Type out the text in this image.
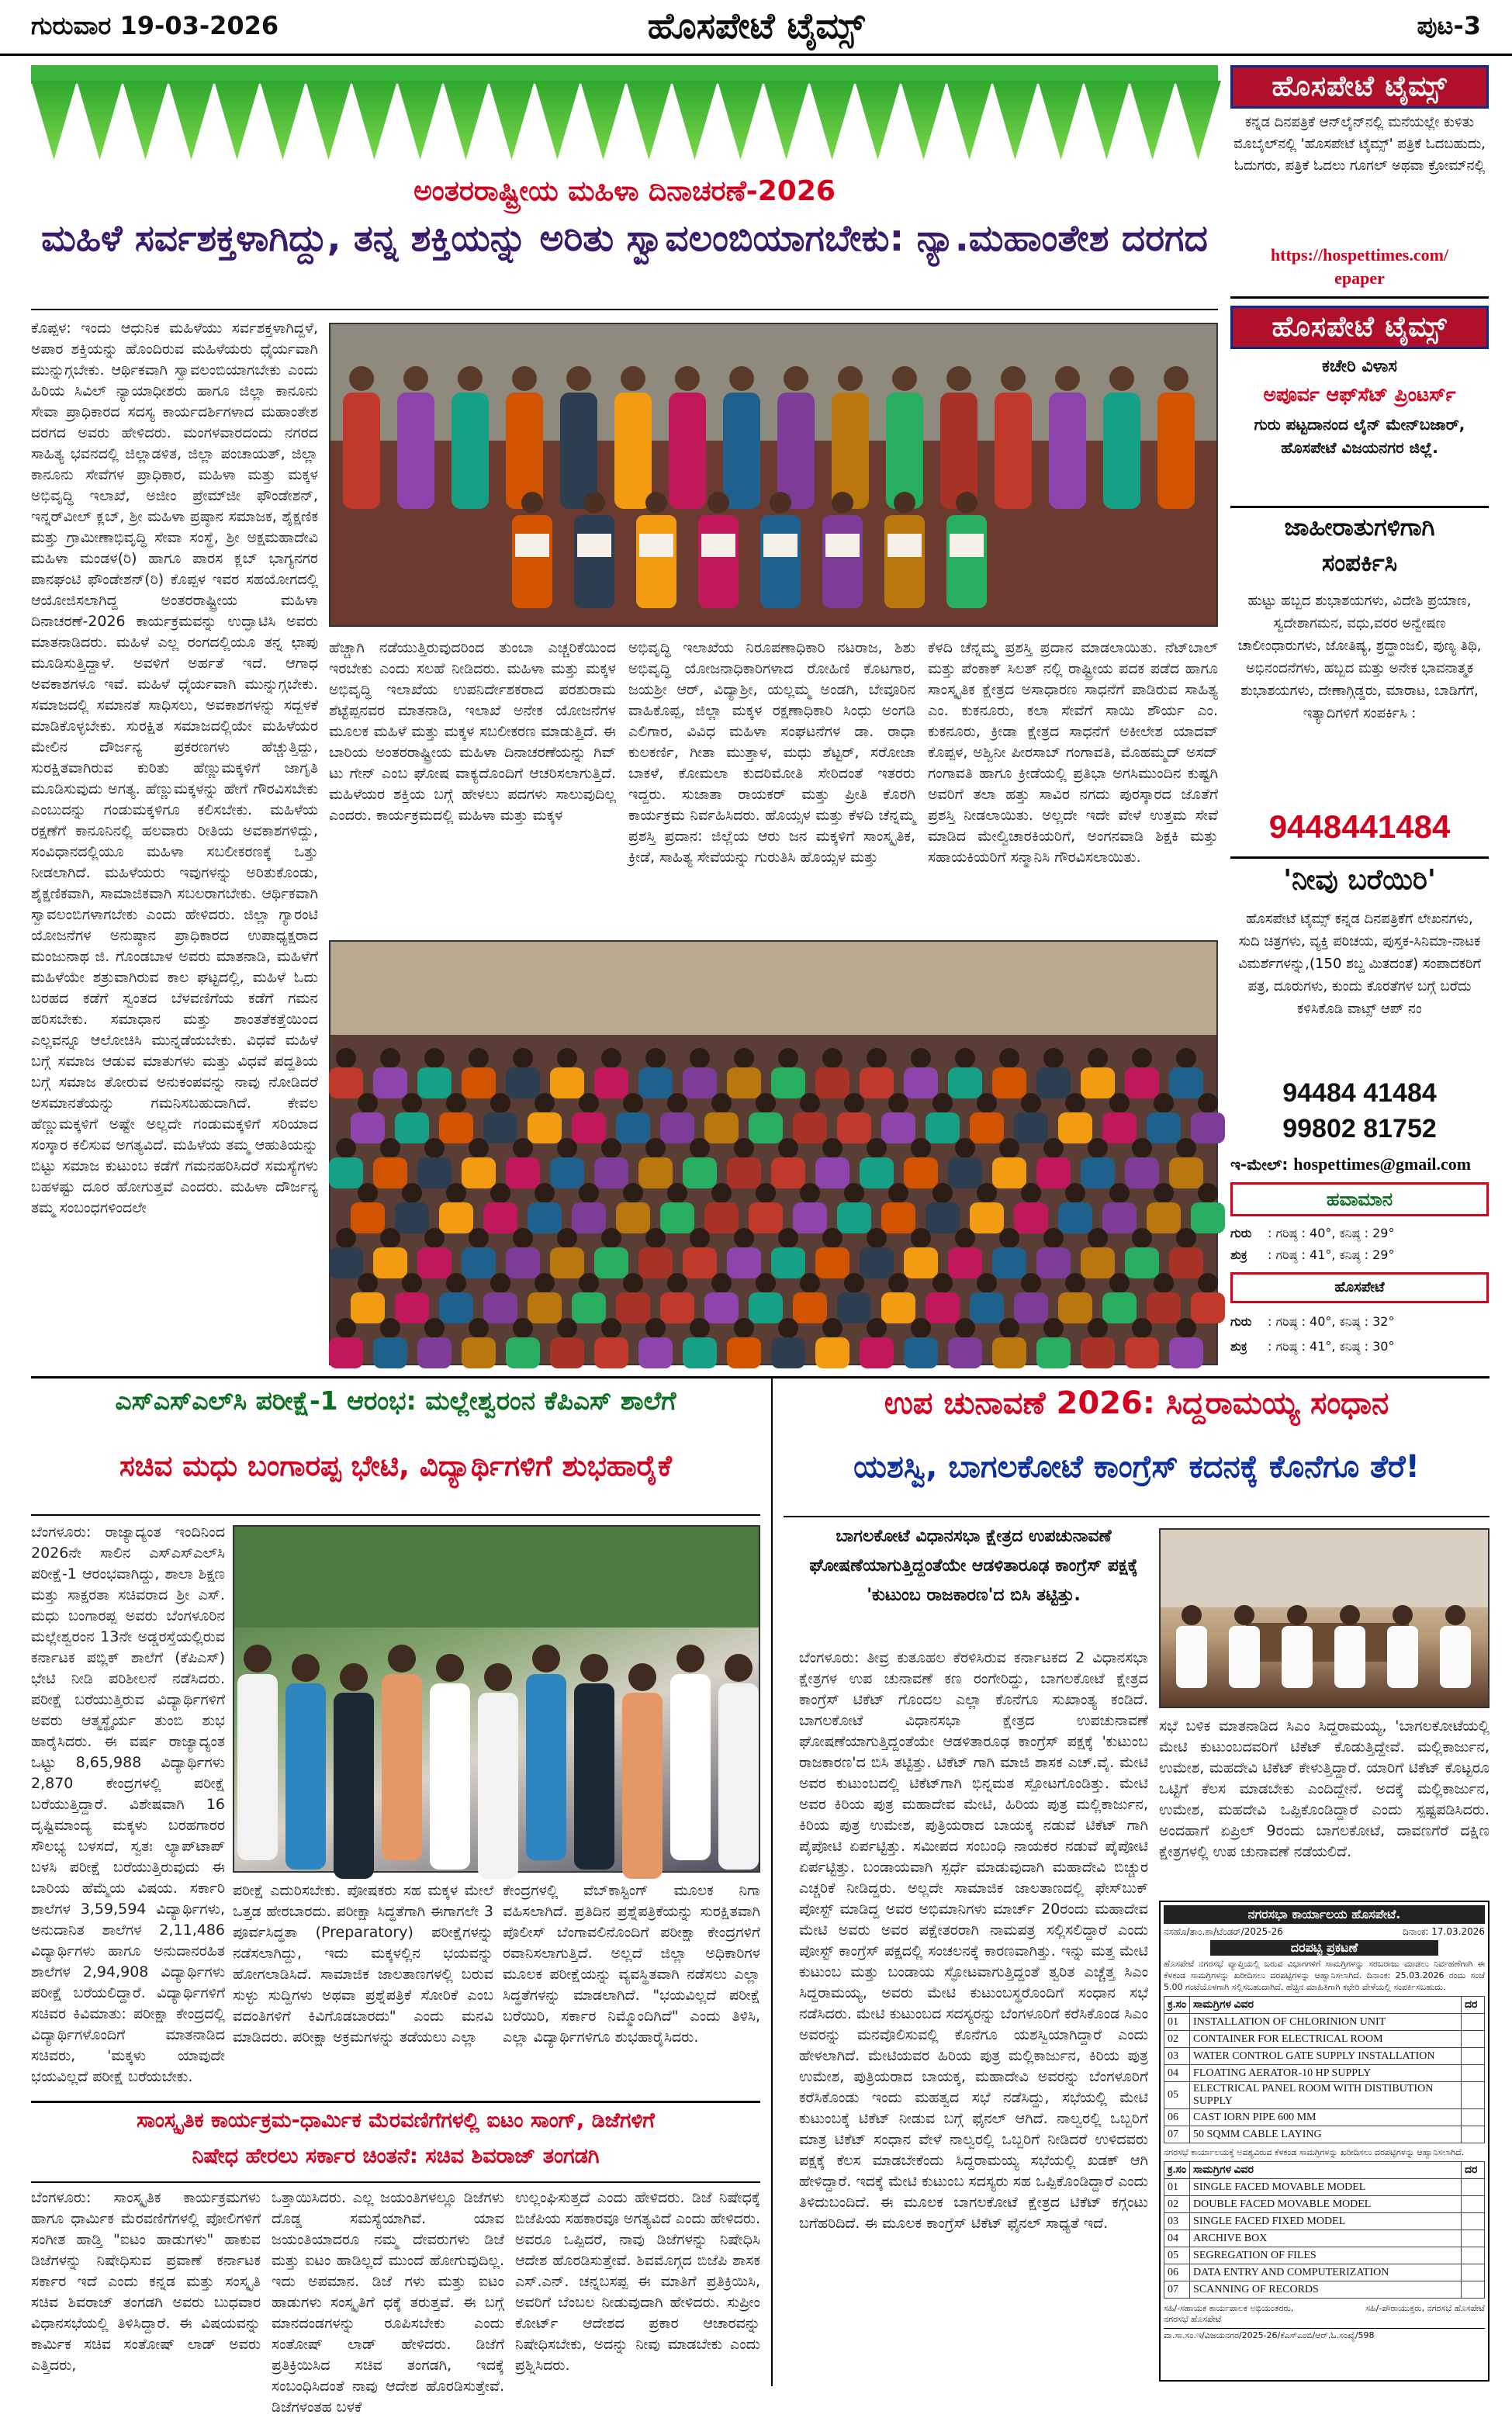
ಗುರುವಾರ 19-03-2026	ಹೊಸಪೇಟೆ ಟೈಮ್ಸ್	ಪುಟ-3
ಅಂತರರಾಷ್ಟ್ರೀಯ ಮಹಿಳಾ ದಿನಾಚರಣೆ-2026
ಮಹಿಳೆ ಸರ್ವಶಕ್ತಳಾಗಿದ್ದು, ತನ್ನ ಶಕ್ತಿಯನ್ನು ಅರಿತು ಸ್ವಾವಲಂಬಿಯಾಗಬೇಕು: ನ್ಯಾ.ಮಹಾಂತೇಶ ದರಗದ
ಕೊಪ್ಪಳ: ಇಂದು ಆಧುನಿಕ ಮಹಿಳೆಯು ಸರ್ವಶಕ್ತಳಾಗಿದ್ದಳೆ, ಅಪಾರ ಶಕ್ತಿಯನ್ನು ಹೊಂದಿರುವ ಮಹಿಳೆಯರು ಧೈರ್ಯವಾಗಿ ಮುನ್ನುಗ್ಗಬೇಕು. ಆರ್ಥಿಕವಾಗಿ ಸ್ವಾವಲಂಬಿಯಾಗಬೇಕು ಎಂದು ಹಿರಿಯ ಸಿವಿಲ್ ನ್ಯಾಯಾಧೀಶರು ಹಾಗೂ ಜಿಲ್ಲಾ ಕಾನೂನು ಸೇವಾ ಪ್ರಾಧಿಕಾರದ ಸದಸ್ಯ ಕಾರ್ಯದರ್ಶಿಗಳಾದ ಮಹಾಂತೇಶ ದರಗದ ಅವರು ಹೇಳಿದರು. ಮಂಗಳವಾರದಂದು ನಗರದ ಸಾಹಿತ್ಯ ಭವನದಲ್ಲಿ ಜಿಲ್ಲಾಡಳಿತ, ಜಿಲ್ಲಾ ಪಂಚಾಯತ್, ಜಿಲ್ಲಾ ಕಾನೂನು ಸೇವೆಗಳ ಪ್ರಾಧಿಕಾರ, ಮಹಿಳಾ ಮತ್ತು ಮಕ್ಕಳ ಅಭಿವೃದ್ಧಿ ಇಲಾಖೆ, ಅಜೀಂ ಪ್ರೇಮ್‌ಜೀ ಫೌಂಡೇಶನ್, ಇನ್ನರ್‌ವೀಲ್ ಕ್ಲಬ್, ಶ್ರೀ ಮಹಿಳಾ ಪ್ರಷ್ಠಾನ ಸಮಾಜಕ, ಶೈಕ್ಷಣಿಕ ಮತ್ತು ಗ್ರಾಮೀಣಾಭಿವೃದ್ಧಿ ಸೇವಾ ಸಂಸ್ಥೆ, ಶ್ರೀ ಅಕ್ಷಮಹಾದೇವಿ ಮಹಿಳಾ ಮಂಡಳ(ರಿ) ಹಾಗೂ ಪಾರಸ ಕ್ಲಬ್ ಭಾಗ್ಯನಗರ ಪಾನಘಂಟಿ ಫೌಂಡೇಶನ್(ರಿ) ಕೊಪ್ಪಳ ಇವರ ಸಹಯೋಗದಲ್ಲಿ ಆಯೋಜಿಸಲಾಗಿದ್ದ ಅಂತರರಾಷ್ಟ್ರೀಯ ಮಹಿಳಾ ದಿನಾಚರಣೆ-2026 ಕಾರ್ಯಕ್ರಮವನ್ನು ಉದ್ಘಾಟಿಸಿ ಅವರು ಮಾತನಾಡಿದರು. ಮಹಿಳೆ ಎಲ್ಲ ರಂಗದಲ್ಲಿಯೂ ತನ್ನ ಛಾಪು ಮೂಡಿಸುತ್ತಿದ್ದಾಳೆ. ಅವಳಿಗೆ ಅರ್ಹತೆ ಇದೆ. ಆಗಾಧ ಅವಕಾಶಗಳೂ ಇವೆ. ಮಹಿಳೆ ಧೈರ್ಯವಾಗಿ ಮುನ್ನುಗ್ಗಬೇಕು. ಸಮಾಜದಲ್ಲಿ ಸಮಾನತೆ ಸಾಧಿಸಲು, ಅವಕಾಶಗಳನ್ನು ಸದ್ಬಳಕೆ ಮಾಡಿಕೊಳ್ಳಬೇಕು. ಸುರಕ್ಷಿತ ಸಮಾಜದಲ್ಲಿಯೇ ಮಹಿಳೆಯರ ಮೇಲಿನ ದೌರ್ಜನ್ಯ ಪ್ರಕರಣಗಳು ಹೆಚ್ಚುತ್ತಿದ್ದು, ಸುರಕ್ಷಿತವಾಗಿರುವ ಕುರಿತು ಹೆಣ್ಣುಮಕ್ಕಳಿಗೆ ಜಾಗೃತಿ ಮೂಡಿಸುವುದು ಅಗತ್ಯ. ಹೆಣ್ಣುಮಕ್ಕಳನ್ನು ಹೇಗೆ ಗೌರವಿಸಬೇಕು ಎಂಬುದನ್ನು ಗಂಡುಮಕ್ಕಳಿಗೂ ಕಲಿಸಬೇಕು. ಮಹಿಳೆಯ ರಕ್ಷಣೆಗೆ ಕಾನೂನಿನಲ್ಲಿ ಹಲವಾರು ರೀತಿಯ ಅವಕಾಶಗಳಿದ್ದು, ಸಂವಿಧಾನದಲ್ಲಿಯೂ ಮಹಿಳಾ ಸಬಲೀಕರಣಕ್ಕೆ ಒತ್ತು ನೀಡಲಾಗಿದೆ. ಮಹಿಳೆಯರು ಇವುಗಳನ್ನು ಅರಿತುಕೊಂಡು, ಶೈಕ್ಷಣಿಕವಾಗಿ, ಸಾಮಾಜಿಕವಾಗಿ ಸಬಲರಾಗಬೇಕು. ಆರ್ಥಿಕವಾಗಿ ಸ್ವಾವಲಂಬಿಗಳಾಗಬೇಕು ಎಂದು ಹೇಳಿದರು. ಜಿಲ್ಲಾ ಗ್ಯಾರಂಟಿ ಯೋಜನೆಗಳ ಅನುಷ್ಠಾನ ಪ್ರಾಧಿಕಾರದ ಉಪಾಧ್ಯಕ್ಷರಾದ ಮಂಜುನಾಥ ಜಿ. ಗೊಂಡಬಾಳ ಅವರು ಮಾತನಾಡಿ, ಮಹಿಳೆಗೆ ಮಹಿಳೆಯೇ ಶತ್ರುವಾಗಿರುವ ಕಾಲ ಘಟ್ಟದಲ್ಲಿ, ಮಹಿಳೆ ಓದು ಬರಹದ ಕಡೆಗೆ ಸ್ವಂತದ ಬೆಳವಣಿಗೆಯ ಕಡೆಗೆ ಗಮನ ಹರಿಸಬೇಕು. ಸಮಾಧಾನ ಮತ್ತು ಶಾಂತತೆಕತ್ತೆಯಿಂದ ಎಲ್ಲವನ್ನೂ ಆಲೋಚಿಸಿ ಮುನ್ನಡೆಯಬೇಕು. ವಿಧವೆ ಮಹಿಳೆ ಬಗ್ಗೆ ಸಮಾಜ ಆಡುವ ಮಾತುಗಳು ಮತ್ತು ವಿಧವೆ ಪದ್ದತಿಯ ಬಗ್ಗೆ ಸಮಾಜ ತೋರುವ ಅನುಕಂಪವನ್ನು ನಾವು ನೋಡಿದರೆ ಅಸಮಾನತೆಯನ್ನು ಗಮನಿಸಬಹುದಾಗಿದೆ. ಕೇವಲ ಹೆಣ್ಣುಮಕ್ಕಳಿಗೆ ಅಷ್ಟೇ ಅಲ್ಲದೇ ಗಂಡುಮಕ್ಕಳಿಗೆ ಸರಿಯಾದ ಸಂಸ್ಕಾರ ಕಲಿಸುವ ಅಗತ್ಯವಿದೆ. ಮಹಿಳೆಯ ತಮ್ಮ ಆಹುತಿಯನ್ನು ಬಿಟ್ಟು ಸಮಾಜ ಕುಟುಂಬ ಕಡೆಗೆ ಗಮನಹರಿಸಿದರೆ ಸಮಸ್ಯೆಗಳು ಬಹಳಷ್ಟು ದೂರ ಹೋಗುತ್ತವೆ ಎಂದರು. ಮಹಿಳಾ ದೌರ್ಜನ್ಯ ತಮ್ಮ ಸಂಬಂಧಗಳಿಂದಲೇ
ಹೆಚ್ಚಾಗಿ ನಡೆಯುತ್ತಿರುವುದರಿಂದ ತುಂಬಾ ಎಚ್ಚರಿಕೆಯಿಂದ ಇರಬೇಕು ಎಂದು ಸಲಹೆ ನೀಡಿದರು. ಮಹಿಳಾ ಮತ್ತು ಮಕ್ಕಳ ಅಭಿವೃದ್ಧಿ ಇಲಾಖೆಯ ಉಪನಿರ್ದೇಶಕರಾದ ಪರಶುರಾಮ ಶೆಟ್ಟೆಪ್ಪನವರ ಮಾತನಾಡಿ, ಇಲಾಖೆ ಅನೇಕ ಯೋಜನೆಗಳ ಮೂಲಕ ಮಹಿಳೆ ಮತ್ತು ಮಕ್ಕಳ ಸಬಲೀಕರಣ ಮಾಡುತ್ತಿದೆ. ಈ ಬಾರಿಯ ಅಂತರರಾಷ್ಟ್ರೀಯ ಮಹಿಳಾ ದಿನಾಚರಣೆಯನ್ನು ಗಿವ್ ಟು ಗೇನ್ ಎಂಬ ಘೋಷ ವಾಕ್ಯದೊಂದಿಗೆ ಆಚರಿಸಲಾಗುತ್ತಿದೆ. ಮಹಿಳೆಯರ ಶಕ್ತಿಯ ಬಗ್ಗೆ ಹೇಳಲು ಪದಗಳು ಸಾಲುವುದಿಲ್ಲ ಎಂದರು. ಕಾರ್ಯಕ್ರಮದಲ್ಲಿ ಮಹಿಳಾ ಮತ್ತು ಮಕ್ಕಳ
ಅಭಿವೃದ್ಧಿ ಇಲಾಖೆಯ ನಿರೂಪಣಾಧಿಕಾರಿ ನಟರಾಜ, ಶಿಶು ಅಭಿವೃದ್ಧಿ ಯೋಜನಾಧಿಕಾರಿಗಳಾದ ರೋಹಿಣಿ ಕೊಟಗಾರ, ಜಯಶ್ರೀ ಆರ್, ವಿದ್ಯಾಶ್ರೀ, ಯಲ್ಲಮ್ಮ ಅಂಡಗಿ, ಬೇವೂರಿನ ವಾಹಿಕೊಪ್ಪ, ಜಿಲ್ಲಾ ಮಕ್ಕಳ ರಕ್ಷಣಾಧಿಕಾರಿ ಸಿಂಧು ಅಂಗಡಿ ಎಲಿಗಾರ, ವಿವಿಧ ಮಹಿಳಾ ಸಂಘಟನೆಗಳ ಡಾ. ರಾಧಾ ಕುಲಕರ್ಣಿ, ಗೀತಾ ಮುತ್ತಾಳ, ಮಧು ಶೆಟ್ಟರ್, ಸರೋಜಾ ಬಾಕಳೆ, ಕೋಮಲಾ ಕುದರಿಮೋತಿ ಸೇರಿದಂತೆ ಇತರರು ಇದ್ದರು. ಸುಜಾತಾ ರಾಯಕರ್ ಮತ್ತು ಪ್ರೀತಿ ಕೊರಗಿ ಕಾರ್ಯಕ್ರಮ ನಿರ್ವಹಿಸಿದರು. ಹೊಯ್ಸಳ ಮತ್ತು ಕೆಳದಿ ಚೆನ್ನಮ್ಮ ಪ್ರಶಸ್ತಿ ಪ್ರದಾನ: ಜಿಲ್ಲೆಯ ಆರು ಜನ ಮಕ್ಕಳಿಗೆ ಸಾಂಸ್ಕೃತಿಕ, ಕ್ರೀಡೆ, ಸಾಹಿತ್ಯ ಸೇವೆಯನ್ನು ಗುರುತಿಸಿ ಹೊಯ್ಸಳ ಮತ್ತು
ಕೆಳದಿ ಚೆನ್ನಮ್ಮ ಪ್ರಶಸ್ತಿ ಪ್ರದಾನ ಮಾಡಲಾಯಿತು. ನೆಟ್‌ಬಾಲ್ ಮತ್ತು ಪೆಂಕಾಕ್ ಸಿಲತ್ ನಲ್ಲಿ ರಾಷ್ಟ್ರೀಯ ಪದಕ ಪಡೆದ ಹಾಗೂ ಸಾಂಸ್ಕೃತಿಕ ಕ್ಷೇತ್ರದ ಅಸಾಧಾರಣ ಸಾಧನೆಗೆ ಪಾಡಿರುವ ಸಾಹಿತ್ಯ ಎಂ. ಕುಕನೂರು, ಕಲಾ ಸೇವೆಗೆ ಸಾಯಿ ಶೌರ್ಯ ಎಂ. ಕುಕನೂರು, ಕ್ರೀಡಾ ಕ್ಷೇತ್ರದ ಸಾಧನೆಗೆ ಅಕೀಲೇಶ ಯಾದವ್ ಕೊಪ್ಪಳ, ಅಶ್ವಿನೀ ಪೀರಸಾಬ್ ಗಂಗಾವತಿ, ಮೊಹಮ್ಮದ್ ಅಸದ್ ಗಂಗಾವತಿ ಹಾಗೂ ಕ್ರೀಡೆಯಲ್ಲಿ ಪ್ರತಿಭಾ ಅಗಸಿಮುಂದಿನ ಕುಷ್ಟಗಿ ಅವರಿಗೆ ತಲಾ ಹತ್ತು ಸಾವಿರ ನಗದು ಪುರಸ್ಕಾರದ ಜೊತೆಗೆ ಪ್ರಶಸ್ತಿ ನೀಡಲಾಯಿತು. ಅಲ್ಲದೇ ಇದೇ ವೇಳೆ ಉತ್ತಮ ಸೇವೆ ಮಾಡಿದ ಮೇಲ್ವಿಚಾರಕಿಯರಿಗೆ, ಅಂಗನವಾಡಿ ಶಿಕ್ಷಕಿ ಮತ್ತು ಸಹಾಯಕಿಯರಿಗೆ ಸನ್ಮಾನಿಸಿ ಗೌರವಿಸಲಾಯಿತು.
ಹೊಸಪೇಟೆ ಟೈಮ್ಸ್
ಕನ್ನಡ ದಿನಪತ್ರಿಕೆ ಆನ್‌ಲೈನ್‌ನಲ್ಲಿ ಮನೆಯಲ್ಲೇ ಕುಳಿತು ಮೊಬೈಲ್‌ನಲ್ಲಿ 'ಹೊಸಪೇಟೆ ಟೈಮ್ಸ್' ಪತ್ರಿಕೆ ಓದಬಹುದು, ಓದುಗರು, ಪತ್ರಿಕೆ ಓದಲು ಗೂಗಲ್ ಅಥವಾ ಕ್ರೋಮ್‌ನಲ್ಲಿ
https://hospettimes.com/
epaper
ಹೊಸಪೇಟೆ ಟೈಮ್ಸ್
ಕಚೇರಿ ವಿಳಾಸ
ಅಪೂರ್ವ ಆಫ್‌ಸೆಟ್ ಪ್ರಿಂಟರ್ಸ್
ಗುರು ಪಟ್ಟದಾನಂದ ಲೈನ್ ಮೇನ್‌ಬಜಾರ್, ಹೊಸಪೇಟೆ ವಿಜಯನಗರ ಜಿಲ್ಲೆ.
ಜಾಹೀರಾತುಗಳಿಗಾಗಿ
ಸಂಪರ್ಕಿಸಿ
ಹುಟ್ಟು ಹಬ್ಬದ ಶುಭಾಶಯಗಳು, ವಿದೇಶಿ ಪ್ರಯಾಣ, ಸ್ವದೇಶಾಗಮನ, ವಧು,ವರರ ಅನ್ವೇಷಣ ಚಾಲೀಂಧಾರುಗಳು, ಜೋತಿಷ್ಯ, ಶ್ರದ್ಧಾಂಜಲಿ, ಪುಣ್ಯ ತಿಥಿ, ಅಭಿನಂದನೆಗಳು, ಹಬ್ಬದ ಮತ್ತು ಅನೇಕ ಭಾವನಾತ್ಮಕ ಶುಭಾಶಯಗಳು, ದೇಣಾಗ್ಗಿಡ್ಡರು, ಮಾರಾಟ, ಬಾಡಿಗೆಗೆ, ಇತ್ಯಾದಿಗಳಿಗೆ ಸಂಪರ್ಕಿಸಿ :
9448441484
'ನೀವು ಬರೆಯಿರಿ'
ಹೊಸಪೇಟೆ ಟೈಮ್ಸ್ ಕನ್ನಡ ದಿನಪತ್ರಿಕೆಗೆ ಲೇಖನಗಳು, ಸುದಿ ಚಿತ್ರಗಳು, ವ್ಯಕ್ತಿ ಪರಿಚಯ, ಪುಸ್ತಕ-ಸಿನಿಮಾ-ನಾಟಕ ವಿಮರ್ಶೆಗಳನ್ನು,(150 ಶಬ್ದ ಮಿತದಂತೆ) ಸಂಪಾದಕರಿಗೆ ಪತ್ರ, ದೂರುಗಳು, ಕುಂದು ಕೊರತೆಗಳ ಬಗ್ಗೆ ಬರೆದು ಕಳಿಸಿಕೊಡಿ ವಾಟ್ಸ್ ಆಪ್ ನಂ
94484 41484
99802 81752
ಇ-ಮೇಲ್: hospettimes@gmail.com
ಹವಾಮಾನ
ಗುರು : ಗರಿಷ್ಠ : 40°, ಕನಿಷ್ಠ : 29°
ಶುಕ್ರ : ಗರಿಷ್ಠ : 41°, ಕನಿಷ್ಠ : 29°
ಹೊಸಪೇಟೆ
ಗುರು : ಗರಿಷ್ಠ : 40°, ಕನಿಷ್ಠ : 32°
ಶುಕ್ರ : ಗರಿಷ್ಠ : 41°, ಕನಿಷ್ಠ : 30°
ಎಸ್‌ಎಸ್‌ಎಲ್‌ಸಿ ಪರೀಕ್ಷೆ-1 ಆರಂಭ: ಮಲ್ಲೇಶ್ವರಂನ ಕೆಪಿಎಸ್ ಶಾಲೆಗೆ
ಸಚಿವ ಮಧು ಬಂಗಾರಪ್ಪ ಭೇಟಿ, ವಿದ್ಯಾರ್ಥಿಗಳಿಗೆ ಶುಭಹಾರೈಕೆ
ಬೆಂಗಳೂರು: ರಾಜ್ಯಾದ್ಯಂತ ಇಂದಿನಿಂದ 2026ನೇ ಸಾಲಿನ ಎಸ್‌ಎಸ್‌ಎಲ್‌ಸಿ ಪರೀಕ್ಷೆ-1 ಆರಂಭವಾಗಿದ್ದು, ಶಾಲಾ ಶಿಕ್ಷಣ ಮತ್ತು ಸಾಕ್ಷರತಾ ಸಚಿವರಾದ ಶ್ರೀ ಎಸ್. ಮಧು ಬಂಗಾರಪ್ಪ ಅವರು ಬೆಂಗಳೂರಿನ ಮಲ್ಲೇಶ್ವರಂನ 13ನೇ ಅಡ್ಡರಸ್ತೆಯಲ್ಲಿರುವ ಕರ್ನಾಟಕ ಪಬ್ಲಿಕ್ ಶಾಲೆಗೆ (ಕೆಪಿಎಸ್) ಭೇಟಿ ನೀಡಿ ಪರಿಶೀಲನೆ ನಡೆಸಿದರು. ಪರೀಕ್ಷೆ ಬರೆಯುತ್ತಿರುವ ವಿದ್ಯಾರ್ಥಿಗಳಿಗೆ ಅವರು ಆತ್ಮಸ್ಥೈರ್ಯ ತುಂಬಿ ಶುಭ ಹಾರೈಸಿದರು. ಈ ವರ್ಷ ರಾಜ್ಯಾದ್ಯಂತ ಒಟ್ಟು 8,65,988 ವಿದ್ಯಾರ್ಥಿಗಳು 2,870 ಕೇಂದ್ರಗಳಲ್ಲಿ ಪರೀಕ್ಷೆ ಬರೆಯುತ್ತಿದ್ದಾರೆ. ವಿಶೇಷವಾಗಿ 16 ದೃಷ್ಟಿಮಾಂದ್ಯ ಮಕ್ಕಳು ಬರಹಗಾರರ ಸೌಲಭ್ಯ ಬಳಸದೆ, ಸ್ವತಃ ಲ್ಯಾಪ್‌ಟಾಪ್ ಬಳಸಿ ಪರೀಕ್ಷೆ ಬರೆಯುತ್ತಿರುವುದು ಈ ಬಾರಿಯ ಹೆಮ್ಮೆಯ ವಿಷಯ. ಸರ್ಕಾರಿ ಶಾಲೆಗಳ 3,59,594 ವಿದ್ಯಾರ್ಥಿಗಳು, ಅನುದಾನಿತ ಶಾಲೆಗಳ 2,11,486 ವಿದ್ಯಾರ್ಥಿಗಳು ಹಾಗೂ ಅನುದಾನರಹಿತ ಶಾಲೆಗಳ 2,94,908 ವಿದ್ಯಾರ್ಥಿಗಳು ಪರೀಕ್ಷೆ ಬರೆಯಲಿದ್ದಾರೆ. ವಿದ್ಯಾರ್ಥಿಗಳಿಗೆ ಸಚಿವರ ಕಿವಿಮಾತು: ಪರೀಕ್ಷಾ ಕೇಂದ್ರದಲ್ಲಿ ವಿದ್ಯಾರ್ಥಿಗಳೊಂದಿಗೆ ಮಾತನಾಡಿದ ಸಚಿವರು, 'ಮಕ್ಕಳು ಯಾವುದೇ ಭಯವಿಲ್ಲದೆ ಪರೀಕ್ಷೆ ಬರೆಯಬೇಕು.
ಪರೀಕ್ಷೆ ಎದುರಿಸಬೇಕು. ಪೋಷಕರು ಸಹ ಮಕ್ಕಳ ಮೇಲೆ ಒತ್ತಡ ಹೇರಬಾರದು. ಪರೀಕ್ಷಾ ಸಿದ್ಧತೆಗಾಗಿ ಈಗಾಗಲೇ 3 ಪೂರ್ವಸಿದ್ಧತಾ (Preparatory) ಪರೀಕ್ಷೆಗಳನ್ನು ನಡೆಸಲಾಗಿದ್ದು, ಇದು ಮಕ್ಕಳಲ್ಲಿನ ಭಯವನ್ನು ಹೋಗಲಾಡಿಸಿದೆ. ಸಾಮಾಜಿಕ ಜಾಲತಾಣಗಳಲ್ಲಿ ಬರುವ ಸುಳ್ಳು ಸುದ್ದಿಗಳು ಅಥವಾ ಪ್ರಶ್ನೆಪತ್ರಿಕೆ ಸೋರಿಕೆ ಎಂಬ ವದಂತಿಗಳಿಗೆ ಕಿವಿಗೊಡಬಾರದು" ಎಂದು ಮನವಿ ಮಾಡಿದರು. ಪರೀಕ್ಷಾ ಅಕ್ರಮಗಳನ್ನು ತಡೆಯಲು ಎಲ್ಲಾ
ಕೇಂದ್ರಗಳಲ್ಲಿ ವೆಬ್‌ಕಾಸ್ಟಿಂಗ್ ಮೂಲಕ ನಿಗಾ ವಹಿಸಲಾಗಿದೆ. ಪ್ರತಿದಿನ ಪ್ರಶ್ನೆಪತ್ರಿಕೆಯನ್ನು ಸುರಕ್ಷಿತವಾಗಿ ಪೊಲೀಸ್ ಬೆಂಗಾವಲಿನೊಂದಿಗೆ ಪರೀಕ್ಷಾ ಕೇಂದ್ರಗಳಿಗೆ ರವಾನಿಸಲಾಗುತ್ತಿದೆ. ಅಲ್ಲದೆ ಜಿಲ್ಲಾ ಅಧಿಕಾರಿಗಳ ಮೂಲಕ ಪರೀಕ್ಷೆಯನ್ನು ವ್ಯವಸ್ಥಿತವಾಗಿ ನಡೆಸಲು ಎಲ್ಲಾ ಸಿದ್ಧತೆಗಳನ್ನು ಮಾಡಲಾಗಿದೆ. "ಭಯವಿಲ್ಲದೆ ಪರೀಕ್ಷೆ ಬರೆಯಿರಿ, ಸರ್ಕಾರ ನಿಮ್ಮೊಂದಿಗಿದೆ" ಎಂದು ತಿಳಿಸಿ, ಎಲ್ಲಾ ವಿದ್ಯಾರ್ಥಿಗಳಿಗೂ ಶುಭಹಾರೈಸಿದರು.
ಸಾಂಸ್ಕೃತಿಕ ಕಾರ್ಯಕ್ರಮ-ಧಾರ್ಮಿಕ ಮೆರವಣಿಗೆಗಳಲ್ಲಿ ಐಟಂ ಸಾಂಗ್, ಡಿಜೆಗಳಿಗೆ
ನಿಷೇಧ ಹೇರಲು ಸರ್ಕಾರ ಚಿಂತನೆ: ಸಚಿವ ಶಿವರಾಜ್ ತಂಗಡಗಿ
ಬೆಂಗಳೂರು: ಸಾಂಸ್ಕೃತಿಕ ಕಾರ್ಯಕ್ರಮಗಳು ಹಾಗೂ ಧಾರ್ಮಿಕ ಮೆರವಣಿಗೆಗಳಲ್ಲಿ ಪೋಲಿಗಳಿಗೆ ಸಂಗೀತ ಹಾಡ್ತಿ "ಐಟಂ ಹಾಡುಗಳು" ಹಾಕುವ ಡಿಜೆಗಳನ್ನು ನಿಷೇಧಿಸುವ ಪ್ರವಾಣೆ ಕರ್ನಾಟಕ ಸರ್ಕಾರ ಇದೆ ಎಂದು ಕನ್ನಡ ಮತ್ತು ಸಂಸ್ಕೃತಿ ಸಚಿವ ಶಿವರಾಜ್ ತಂಗಡಗಿ ಅವರು ಬುಧವಾರ ವಿಧಾನಸಭೆಯಲ್ಲಿ ತಿಳಿಸಿದ್ದಾರೆ. ಈ ವಿಷಯವನ್ನು ಕಾರ್ಮಿಕ ಸಚಿವ ಸಂತೋಷ್ ಲಾಡ್ ಅವರು ಎತ್ತಿದರು,
ಒತ್ತಾಯಿಸಿದರು. ಎಲ್ಲ ಜಯಂತಿಗಳಲ್ಲೂ ಡಿಜೆಗಳು ದೊಡ್ಡ ಸಮಸ್ಯೆಯಾಗಿವೆ. ಯಾವ ಜಯಂತಿಯಾದರೂ ನಮ್ಮ ದೇವರುಗಳು ಡಿಜೆ ಮತ್ತು ಐಟಂ ಹಾಡಿಲ್ಲದೆ ಮುಂದೆ ಹೋಗುವುದಿಲ್ಲ. ಇದು ಅಪಮಾನ. ಡಿಜೆ ಗಳು ಮತ್ತು ಐಟಂ ಹಾಡುಗಳು ಸಂಸ್ಕೃತಿಗೆ ಧಕ್ಕೆ ತರುತ್ತವೆ. ಈ ಬಗ್ಗೆ ಮಾನದಂಡಗಳನ್ನು ರೂಪಿಸಬೇಕು ಎಂದು ಸಂತೋಷ್ ಲಾಡ್ ಹೇಳಿದರು. ಡಿಜೆಗೆ ಪ್ರತಿಕ್ರಿಯಿಸಿದ ಸಚಿವ ತಂಗಡಗಿ, ಇದಕ್ಕೆ ಸಂಬಂಧಿಸಿದಂತೆ ನಾವು ಆದೇಶ ಹೊರಡಿಸುತ್ತೇವೆ. ಡಿಜೆಗಳಂತಹ ಬಳಕೆ
ಉಲ್ಲಂಘಿಸುತ್ತದೆ ಎಂದು ಹೇಳಿದರು. ಡಿಜೆ ನಿಷೇಧಕ್ಕೆ ಬಿಜೆಪಿಯ ಸಹಕಾರವೂ ಅಗತ್ಯವಿದೆ ಎಂದು ಹೇಳಿದರು. ಅವರೂ ಒಪ್ಪಿದರೆ, ನಾವು ಡಿಜೆಗಳನ್ನು ನಿಷೇಧಿಸಿ ಆದೇಶ ಹೊರಡಿಸುತ್ತೇವೆ. ಶಿವಮೊಗ್ಗದ ಬಿಜೆಪಿ ಶಾಸಕ ಎಸ್.ಎನ್. ಚನ್ನಬಸಪ್ಪ ಈ ಮಾತಿಗೆ ಪ್ರತಿಕ್ರಿಯಿಸಿ, ಅವರಿಗೆ ಬೆಂಬಲ ನೀಡುವುದಾಗಿ ಹೇಳಿದರು. ಸುಪ್ರೀಂ ಕೋರ್ಟ್ ಆದೇಶದ ಪ್ರಕಾರ ಆಚಾರವನ್ನು ನಿಷೇಧಿಸಬೇಕು, ಅದನ್ನು ನೀವು ಮಾಡಬೇಕು ಎಂದು ಪ್ರಶ್ನಿಸಿದರು.
ಉಪ ಚುನಾವಣೆ 2026: ಸಿದ್ದರಾಮಯ್ಯ ಸಂಧಾನ
ಯಶಸ್ವಿ, ಬಾಗಲಕೋಟೆ ಕಾಂಗ್ರೆಸ್ ಕದನಕ್ಕೆ ಕೊನೆಗೂ ತೆರೆ!
ಬಾಗಲಕೋಟೆ ವಿಧಾನಸಭಾ ಕ್ಷೇತ್ರದ ಉಪಚುನಾವಣೆ ಘೋಷಣೆಯಾಗುತ್ತಿದ್ದಂತೆಯೇ ಆಡಳಿತಾರೂಢ ಕಾಂಗ್ರೆಸ್ ಪಕ್ಷಕ್ಕೆ 'ಕುಟುಂಬ ರಾಜಕಾರಣ'ದ ಬಿಸಿ ತಟ್ಟಿತ್ತು.
ಬೆಂಗಳೂರು: ತೀವ್ರ ಕುತೂಹಲ ಕೆರಳಿಸಿರುವ ಕರ್ನಾಟಕದ 2 ವಿಧಾನಸಭಾ ಕ್ಷೇತ್ರಗಳ ಉಪ ಚುನಾವಣೆ ಕಣ ರಂಗೇರಿದ್ದು, ಬಾಗಲಕೋಟೆ ಕ್ಷೇತ್ರದ ಕಾಂಗ್ರೆಸ್ ಟಿಕೆಟ್ ಗೊಂದಲ ಎಲ್ಲಾ ಕೊನೆಗೂ ಸುಖಾಂತ್ಯ ಕಂಡಿದೆ. ಬಾಗಲಕೋಟೆ ವಿಧಾನಸಭಾ ಕ್ಷೇತ್ರದ ಉಪಚುನಾವಣೆ ಘೋಷಣೆಯಾಗುತ್ತಿದ್ದಂತೆಯೇ ಆಡಳಿತಾರೂಢ ಕಾಂಗ್ರೆಸ್ ಪಕ್ಷಕ್ಕೆ 'ಕುಟುಂಬ ರಾಜಕಾರಣ'ದ ಬಿಸಿ ತಟ್ಟಿತ್ತು. ಟಿಕೆಟ್ ಗಾಗಿ ಮಾಜಿ ಶಾಸಕ ಎಚ್.ವೈ. ಮೇಟಿ ಅವರ ಕುಟುಂಬದಲ್ಲಿ ಟಿಕೆಟ್‌ಗಾಗಿ ಭಿನ್ನಮತ ಸ್ಪೋಟಗೊಂಡಿತ್ತು. ಮೇಟಿ ಅವರ ಕಿರಿಯ ಪುತ್ರ ಮಹಾದೇವ ಮೇಟಿ, ಹಿರಿಯ ಪುತ್ರ ಮಲ್ಲಿಕಾರ್ಜುನ, ಕಿರಿಯ ಪುತ್ರ ಉಮೇಶ, ಪುತ್ರಿಯರಾದ ಬಾಯಕ್ಕ ನಡುವೆ ಟಿಕೆಟ್ ಗಾಗಿ ಪೈಪೋಟಿ ಏರ್ಪಟ್ಟಿತ್ತು. ಸಮೀಪದ ಸಂಬಂಧಿ ನಾಯಕರ ನಡುವೆ ಪೈಪೋಟಿ ಏರ್ಪಟ್ಟಿತ್ತು. ಬಂಡಾಯವಾಗಿ ಸ್ಪರ್ಧೆ ಮಾಡುವುದಾಗಿ ಮಹಾದೇವಿ ಬಿಚ್ಚುರ ಎಚ್ಚರಿಕೆ ನೀಡಿದ್ದರು. ಅಲ್ಲದೇ ಸಾಮಾಜಿಕ ಜಾಲತಾಣದಲ್ಲಿ ಫೇಸ್‌ಬುಕ್ ಪೋಸ್ಟ್ ಮಾಡಿದ್ದ ಅವರ ಅಭಿಮಾನಿಗಳು ಮಾರ್ಚ್ 20ರಂದು ಮಹಾದೇವ ಮೇಟಿ ಅವರು ಅವರ ಪಕ್ಷೇತರರಾಗಿ ನಾಮಪತ್ರ ಸಲ್ಲಿಸಲಿದ್ದಾರೆ ಎಂದು ಪೋಸ್ಟ್ ಕಾಂಗ್ರೆಸ್ ಪಕ್ಷದಲ್ಲಿ ಸಂಚಲನಕ್ಕೆ ಕಾರಣವಾಗಿತ್ತು. ಇನ್ನು ಮತ್ತ ಮೇಟಿ ಕುಟುಂಬ ಮತ್ತು ಬಂಡಾಯ ಸ್ಫೋಟವಾಗುತ್ತಿದ್ದಂತೆ ತ್ವರಿತ ಎಚ್ಚೆತ್ತ ಸಿಎಂ ಸಿದ್ದರಾಮಯ್ಯ, ಅವರು ಮೇಟಿ ಕುಟುಂಬಸ್ಥರೊಂದಿಗೆ ಸಂಧಾನ ಸಭೆ ನಡೆಸಿದರು. ಮೇಟಿ ಕುಟುಂಬದ ಸದಸ್ಯರನ್ನು ಬೆಂಗಳೂರಿಗೆ ಕರೆಸಿಕೊಂಡ ಸಿಎಂ ಅವರನ್ನು ಮನವೊಲಿಸುವಲ್ಲಿ ಕೊನೆಗೂ ಯಶಸ್ವಿಯಾಗಿದ್ದಾರೆ ಎಂದು ಹೇಳಲಾಗಿದೆ. ಮೇಟಿಯವರ ಹಿರಿಯ ಪುತ್ರ ಮಲ್ಲಿಕಾರ್ಜುನ, ಕಿರಿಯ ಪುತ್ರ ಉಮೇಶ, ಪುತ್ರಿಯರಾದ ಬಾಯಕ್ಕ, ಮಹಾದೇವಿ ಅವರನ್ನು ಬೆಂಗಳೂರಿಗೆ ಕರೆಸಿಕೊಂಡು ಇಂದು ಮಹತ್ವದ ಸಭೆ ನಡೆಸಿದ್ದು, ಸಭೆಯಲ್ಲಿ ಮೇಟಿ ಕುಟುಂಬಕ್ಕೆ ಟಿಕೆಟ್ ನೀಡುವ ಬಗ್ಗೆ ಫೈನಲ್ ಆಗಿದೆ. ನಾಲ್ವರಲ್ಲಿ ಒಬ್ಬರಿಗೆ ಮಾತ್ರ ಟಿಕೆಟ್ ಸಂಧಾನ ವೇಳೆ ನಾಲ್ವರಲ್ಲಿ ಒಬ್ಬರಿಗೆ ನೀಡಿದರೆ ಉಳಿದವರು ಪಕ್ಷಕ್ಕೆ ಕೆಲಸ ಮಾಡಬೇಕೆಂದು ಸಿದ್ದರಾಮಯ್ಯ ಸಭೆಯಲ್ಲಿ ಖಡಕ್ ಆಗಿ ಹೇಳಿದ್ದಾರೆ. ಇದಕ್ಕೆ ಮೇಟಿ ಕುಟುಂಬ ಸದಸ್ಯರು ಸಹ ಒಪ್ಪಿಕೊಂಡಿದ್ದಾರೆ ಎಂದು ತಿಳಿದುಬಂದಿದೆ. ಈ ಮೂಲಕ ಬಾಗಲಕೋಟೆ ಕ್ಷೇತ್ರದ ಟಿಕೆಟ್ ಕಗ್ಗಂಟು ಬಗೆಹರಿದಿದೆ. ಈ ಮೂಲಕ ಕಾಂಗ್ರೆಸ್ ಟಿಕೆಟ್ ಫೈನಲ್ ಸಾಧ್ಯತೆ ಇದೆ.
ಸಭೆ ಬಳಿಕ ಮಾತನಾಡಿದ ಸಿಎಂ ಸಿದ್ದರಾಮಯ್ಯ, 'ಬಾಗಲಕೋಟೆಯಲ್ಲಿ ಮೇಟಿ ಕುಟುಂಬದವರಿಗೆ ಟಿಕೆಟ್ ಕೊಡುತ್ತಿದ್ದೇವೆ. ಮಲ್ಲಿಕಾರ್ಜುನ, ಉಮೇಶ, ಮಹದೇವಿ ಟಿಕೆಟ್ ಕೇಳುತ್ತಿದ್ದಾರೆ. ಯಾರಿಗೆ ಟಿಕೆಟ್ ಕೊಟ್ಟರೂ ಒಟ್ಟಿಗೆ ಕೆಲಸ ಮಾಡಬೇಕು ಎಂದಿದ್ದೇನೆ. ಅದಕ್ಕೆ ಮಲ್ಲಿಕಾರ್ಜುನ, ಉಮೇಶ, ಮಹದೇವಿ ಒಪ್ಪಿಕೊಂಡಿದ್ದಾರೆ ಎಂದು ಸ್ಪಷ್ಟಪಡಿಸಿದರು. ಅಂದಹಾಗೆ ಏಪ್ರಿಲ್ 9ರಂದು ಬಾಗಲಕೋಟೆ, ದಾವಣಗೆರೆ ದಕ್ಷಿಣ ಕ್ಷೇತ್ರಗಳಲ್ಲಿ ಉಪ ಚುನಾವಣೆ ನಡೆಯಲಿದೆ.
ನಗರಸಭಾ ಕಾರ್ಯಾಲಯ ಹೊಸಪೇಟೆ.
ನಸಹೊ/ತಾಂ.ಶಾ/ಟೆಂಡರ್/2025-26	ದಿನಾಂಕ: 17.03.2026
ದರಪಟ್ಟಿ ಪ್ರಕಟಣೆ
ಹೊಸಪೇಟೆ ನಗರಸಭೆ ವ್ಯಾಪ್ತಿಯಲ್ಲಿ ಬರುವ ವಿಭಾಗಗಳಿಗೆ ಸಾಮಗ್ರಿಗಳನ್ನು ಸರಬರಾಜು ಮಾಡಲು ನಿರ್ವಹಣೆಗಾಗಿ ಈ ಕೆಳಕಂಡ ಸಾಮಗ್ರಿಗಳನ್ನು ಖರೀದಿಸಲು ದರಪಟ್ಟಿಗಳನ್ನು ಆಹ್ವಾನಿಸಲಾಗಿದೆ. ದಿನಾಂಕ: 25.03.2026 ರಂದು ಸಂಜೆ 5.00 ಗಂಟೆಯೊಳಗಾಗಿ ಸಲ್ಲಿಸಬಹುದಾಗಿದೆ. ಹೆಚ್ಚಿನ ಮಾಹಿತಿಗಾಗಿ ಕಛೇರಿ ವೇಳೆಯಲ್ಲಿ ಸಂಪರ್ಕಿಸಬಹುದು.
ಕ್ರ.ಸಂ	ಸಾಮಗ್ರಿಗಳ ವಿವರ	ದರ
01	INSTALLATION OF CHLORINION UNIT	
02	CONTAINER FOR ELECTRICAL ROOM	
03	WATER CONTROL GATE SUPPLY INSTALLATION	
04	FLOATING AERATOR-10 HP SUPPLY	
05	ELECTRICAL PANEL ROOM WITH DISTIBUTION SUPPLY	
06	CAST IORN PIPE 600 MM	
07	50 SQMM CABLE LAYING	
ನಗರಸಭೆ ಕಾರ್ಯಾಲಯಕ್ಕೆ ಅವಶ್ಯವಿರುವ ಕೆಳಕಂಡ ಸಾಮಗ್ರಿಗಳನ್ನು ಖರೀದಿಸಲು ದರಪಟ್ಟಿಗಳನ್ನು ಆಹ್ವಾನಿಸಲಾಗಿದೆ.
ಕ್ರ.ಸಂ	ಸಾಮಗ್ರಿಗಳ ವಿವರ	ದರ
01	SINGLE FACED MOVABLE MODEL	
02	DOUBLE FACED MOVABLE MODEL	
03	SINGLE FACED FIXED MODEL	
04	ARCHIVE BOX	
05	SEGREGATION OF FILES	
06	DATA ENTRY AND COMPUTERIZATION	
07	SCANNING OF RECORDS	
ಸಹಿ/-ಸಹಾಯಕ ಕಾರ್ಯಪಾಲಕ ಅಭಿಯಂತರರು, ನಗರಸಭೆ ಹೊಸಪೇಟೆ
ಸಹಿ/-ಪೌರಾಯುಕ್ತರು, ನಗರಸಭೆ ಹೊಸಪೇಟೆ
ವಾ.ಸಾ.ಸಂ.ಇ/ವಿಜಯನಗರ/2025-26/ಕೆಎಸ್‌ಎಂಬಿ/ಆರ್.ಓ.ಸಂಖ್ಯೆ/598
